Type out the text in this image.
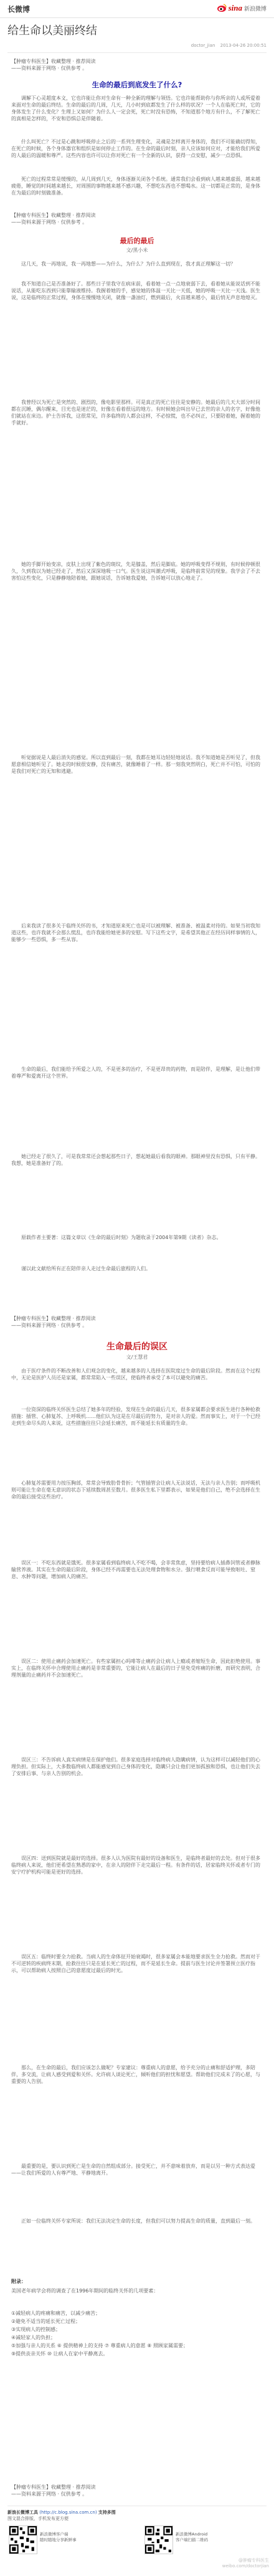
长微博	sina 新浪微博
给生命以美丽终结
doctor_jian 2013-04-26 20:00:51
【肿瘤专科医生】收藏整理 · 推荐阅读
——资料来源于网络 · 仅供参考 。
生命的最后到底发生了什么?
调解下心灵超度本文，它也许能让你对生命有一种全新的理解与领悟。它也许能帮助你与你所亲的人或所爱着来面对生命的最后终结。生命的最后的几周，几天，几小时到底都发生了什么样的状况？一个人在临死亡时，它的身体发生了什么变化？生理上又如何？为什么人一定会死，死亡时没有恐怖，不知道那个地方有什么，不了解死亡的真相是怎样的，不安和恐惧总是伴随着。
什么叫死亡？不过是心跳和呼吸停止之后的一系列生理变化，灵魂是怎样离开身体的，我们不可能确切得知，在死亡的时候，各个身体器官和组织是如何停止工作的。在生命的最后时刻，亲人应该如何应对，才能给我们所爱的人最后的温暖和尊严。这些内容也许可以让你对死亡有一个全新的认识，获得一点安慰，减少一点恐惧。
死亡的过程常常是缓慢的，从几周到几天，身体逐渐关闭各个系统。通常我们会看到病人越来越虚弱，越来越疲倦，睡觉的时间越来越长，对周围的事物越来越不感兴趣，不想吃东西也不想喝水。这一切都是正常的，是身体在为最后的时刻做准备。
【肿瘤专科医生】收藏整理 · 推荐阅读
——资料来源于网络 · 仅供参考 。
最后的最后
文/黑小米
这几天，我一再地说，我一再地想——为什么，为什么？为什么直到现在，我才真正理解这一切？
我不知道自己是否准备好了。那些日子里我守在病床前，看着她一点一点地衰弱下去，看着她从能说话到不能说话，从能吃东西到只能靠输液维持。我握着她的手，感觉她的体温一天比一天低，她的呼吸一天比一天浅。医生说，这是临终的正常过程，身体在慢慢地关闭，就像一盏油灯，燃到最后，火苗越来越小，最后悄无声息地熄灭。
我曾经以为死亡是突然的、剧烈的，像电影里那样。可是真正的死亡往往是安静的。她最后的几天大部分时间都在沉睡，偶尔醒来，目光也是迷茫的，好像在看着很远的地方。有时候她会叫出早已去世的亲人的名字，好像他们就站在床边。护士告诉我，这很常见，许多临终的人都会这样，不必惊慌，也不必纠正，只要陪着她，握着她的手就好。
她的手脚开始变凉，皮肤上出现了紫色的斑纹，先是膝盖，然后是脚底。她的呼吸变得不规则，有时候停顿很久，久到我以为她已经走了，然后又深深地吸一口气。医生说这叫潮式呼吸，是临终前常见的现象。我学会了不去害怕这些变化，只是静静地陪着她，跟她说话，告诉她我爱她，告诉她可以放心地走了。
听觉据说是人最后消失的感觉。所以直到最后一刻，我都在她耳边轻轻地说话。我不知道她是否听见了，但我愿意相信她听见了。她走的时候很安静，没有痛苦，就像睡着了一样。那一刻我突然明白，死亡并不可怕，可怕的是我们对死亡的无知和逃避。
后来我读了很多关于临终关怀的书，才知道原来死亡也是可以被理解、被准备、被温柔对待的。如果当初我知道这些，也许我就不会那么慌乱，也许我能给她更多的安慰。写下这些文字，是希望其他正在经历同样事情的人，能够少一些恐惧，多一些从容。
生命的最后，我们能给予所爱之人的，不是更多的治疗，不是更昂贵的药物，而是陪伴，是理解，是让他们带着尊严和爱离开这个世界。
她已经走了很久了，可是我常常还会想起那些日子，想起她最后看我的眼神。那眼神里没有恐惧，只有平静。我想，她是准备好了的。
原载作者主要著：这篇文章以《生命的最后时刻》为题收录于2004年第9期《读者》杂志。
谨以此文献给所有正在陪伴亲人走过生命最后旅程的人们。
【肿瘤专科医生】收藏整理 · 推荐阅读
——资料来源于网络 · 仅供参考 。
生命最后的误区
文/王慧君
由于医疗条件的不断改善和人们观念的变化，越来越多的人选择在医院度过生命的最后阶段。然而在这个过程中，无论是医护人员还是家属，都常常陷入一些误区，使临终者承受了本可以避免的痛苦。
一位资深的临终关怀医生总结了她多年的经验，发现在生命的最后几天，很多家属都会要求医生进行各种抢救措施：插管、心肺复苏、上呼吸机……他们认为这是在尽最后的努力，是对亲人的爱。然而事实上，对于一个已经走到生命尽头的人来说，这些措施往往只会延长痛苦，而不能延长有质量的生命。
心肺复苏需要用力按压胸部，常常会导致肋骨骨折；气管插管会让病人无法说话，无法与亲人告别；而呼吸机则可能让生命在毫无意识的状态下延续数周甚至数月。很多医生私下里都表示，如果是他们自己，绝不会选择在生命的最后接受这些治疗。
误区一：不吃东西就是饿死。很多家属看到临终病人不吃不喝，会非常焦虑，坚持要给病人插鼻饲管或者静脉输营养液。其实在生命的最后阶段，身体已经不再需要也无法处理食物和水分。强行喂食反而可能导致呕吐、窒息、水肿等问题，增加病人的痛苦。
误区二：使用止痛药会加速死亡。有些家属担心吗啡等止痛药会让病人上瘾或者缩短生命，因此拒绝使用。事实上，在临终关怀中合理使用止痛药是非常重要的，它能让病人在最后的日子里免受疼痛的折磨，而研究表明，合理剂量的止痛药并不会加速死亡。
误区三：不告诉病人真实病情是在保护他们。很多家庭选择对临终病人隐瞒病情，认为这样可以减轻他们的心理负担。但实际上，大多数临终病人都能感觉到自己身体的变化，隐瞒只会让他们更加孤独和恐惧，也让他们失去了安排后事、与亲人告别的机会。
误区四：送到医院就是最好的选择。很多人认为医院有最好的设备和医生，是临终者最好的去处。但对于很多临终病人来说，他们更希望在熟悉的家中，在亲人的陪伴下走完最后一程。有条件的话，居家临终关怀或者专门的安宁疗护机构可能是更好的选择。
误区五：临终时要全力抢救。当病人的生命体征开始衰竭时，很多家属会本能地要求医生全力抢救。然而对于不可逆转的疾病终末期，抢救往往只是在延长死亡的过程，而不是延长生命。提前与医生讨论并签署预立医疗指示，可以帮助病人按照自己的意愿度过最后的时光。
那么，在生命的最后，我们应该怎么做呢？专家建议：尊重病人的意愿，给予充分的止痛和舒适护理，多陪伴，多交流，让病人感受到爱和关怀。允许病人谈论死亡，倾听他们的担忧和愿望。帮助他们完成未了的心愿，与重要的人告别。
最重要的是，要认识到死亡是生命的自然组成部分。接受死亡，并不意味着放弃，而是以另一种方式表达爱——让我们所爱的人有尊严地、平静地离开。
正如一位临终关怀专家所说：我们无法决定生命的长度，但我们可以努力提高生命的质量，直到最后一刻。
附录：
美国老年病学会将的调查了在1996年期间的临终关怀的几项要素：
①减轻病人的疼痛和痛苦，以减少痛苦；
②避免不适当的延长死亡过程；
③实现病人的控制感；
④减轻家人的负担；
⑤加强与亲人的关系 ⑥ 提供精神上的支持 ⑦ 尊重病人的意愿 ⑧ 照顾家属需要；
⑨提供丧亲关怀 ⑩ 让病人在家中平静离去。
【肿瘤专科医生】收藏整理 · 推荐阅读
——资料来源于网络 · 仅供参考 。
新浪长微博工具 (http://c.blog.sina.com.cn) 支持多图
图文混合排版，手机发布更方便
新浪微博客户端
随时随地分享新鲜事
新浪微博Android
客户端扫描二维码
@肿瘤专科医生
weibo.com/doctorjian
